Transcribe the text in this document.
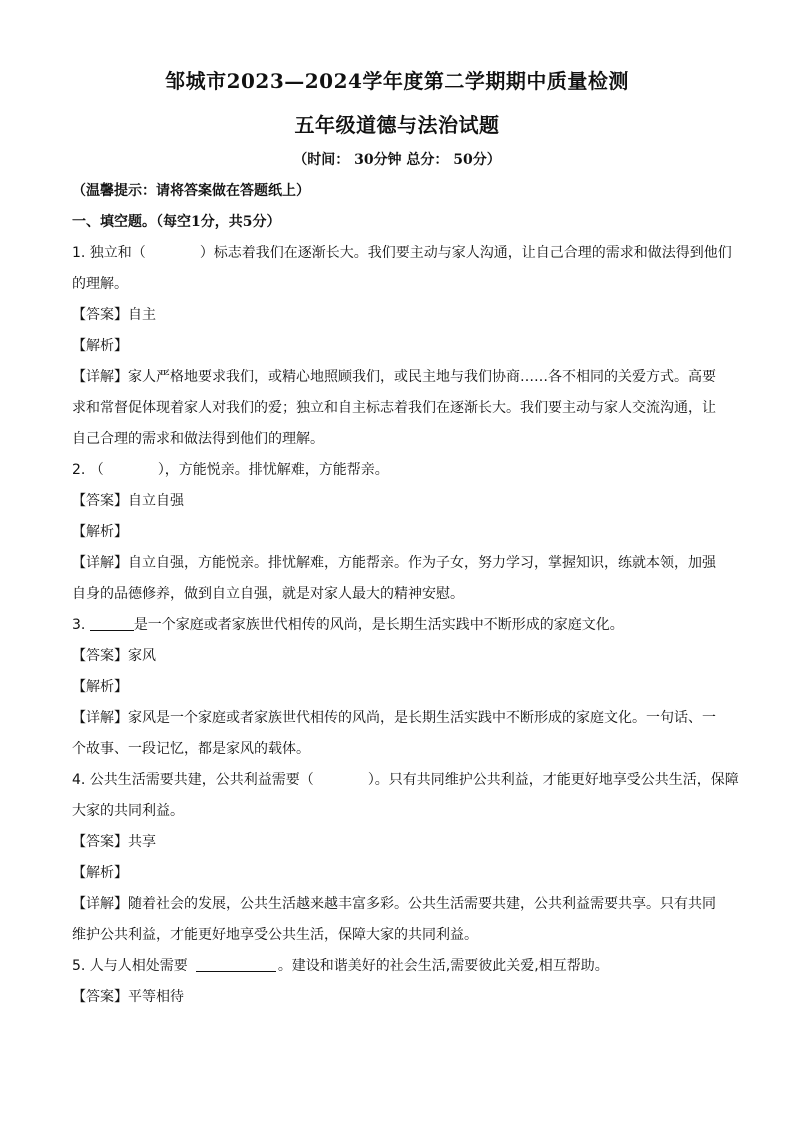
邹城市2023—2024学年度第二学期期中质量检测
五年级道德与法治试题
（时间： 30分钟 总分： 50分）
（温馨提示：请将答案做在答题纸上）
一、填空题。（每空1分，共5分）
1. 独立和（	）标志着我们在逐渐长大。我们要主动与家人沟通，让自己合理的需求和做法得到他们
的理解。
【答案】自主
【解析】
【详解】家人严格地要求我们，或精心地照顾我们，或民主地与我们协商……各不相同的关爱方式。高要
求和常督促体现着家人对我们的爱；独立和自主标志着我们在逐渐长大。我们要主动与家人交流沟通，让
自己合理的需求和做法得到他们的理解。
2. （	），方能悦亲。排忧解难，方能帮亲。
【答案】自立自强
【解析】
【详解】自立自强，方能悦亲。排忧解难，方能帮亲。作为子女，努力学习，掌握知识，练就本领，加强
自身的品德修养，做到自立自强，就是对家人最大的精神安慰。
3.	是一个家庭或者家族世代相传的风尚，是长期生活实践中不断形成的家庭文化。
【答案】家风
【解析】
【详解】家风是一个家庭或者家族世代相传的风尚，是长期生活实践中不断形成的家庭文化。一句话、一
个故事、一段记忆，都是家风的载体。
4. 公共生活需要共建，公共利益需要（	）。只有共同维护公共利益，才能更好地享受公共生活，保障
大家的共同利益。
【答案】共享
【解析】
【详解】随着社会的发展，公共生活越来越丰富多彩。公共生活需要共建，公共利益需要共享。只有共同
维护公共利益，才能更好地享受公共生活，保障大家的共同利益。
5. 人与人相处需要	。建设和谐美好的社会生活,需要彼此关爱,相互帮助。
【答案】平等相待
